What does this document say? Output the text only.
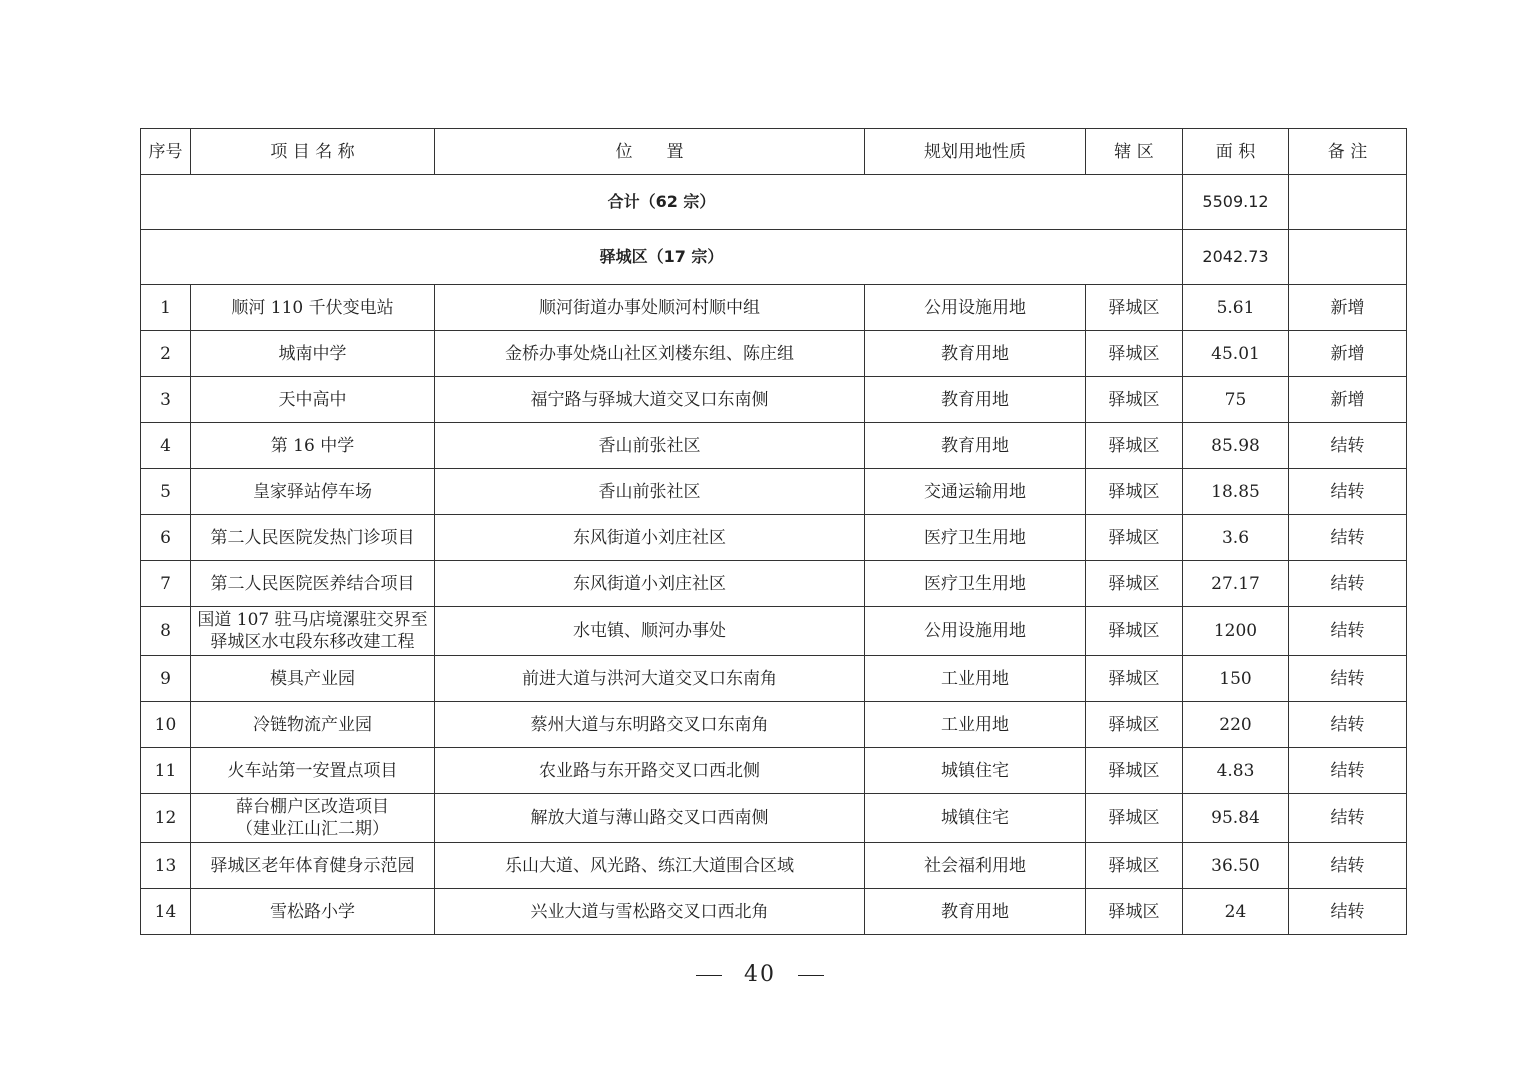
序号	项 目 名 称	位　　置	规划用地性质	辖 区	面 积	备 注
合计（62 宗）					5509.12	
驿城区（17 宗）					2042.73	
1	顺河 110 千伏变电站	顺河街道办事处顺河村顺中组	公用设施用地	驿城区	5.61	新增
2	城南中学	金桥办事处烧山社区刘楼东组、陈庄组	教育用地	驿城区	45.01	新增
3	天中高中	福宁路与驿城大道交叉口东南侧	教育用地	驿城区	75	新增
4	第 16 中学	香山前张社区	教育用地	驿城区	85.98	结转
5	皇家驿站停车场	香山前张社区	交通运输用地	驿城区	18.85	结转
6	第二人民医院发热门诊项目	东风街道小刘庄社区	医疗卫生用地	驿城区	3.6	结转
7	第二人民医院医养结合项目	东风街道小刘庄社区	医疗卫生用地	驿城区	27.17	结转
8	国道 107 驻马店境漯驻交界至
驿城区水屯段东移改建工程	水屯镇、顺河办事处	公用设施用地	驿城区	1200	结转
9	模具产业园	前进大道与洪河大道交叉口东南角	工业用地	驿城区	150	结转
10	冷链物流产业园	蔡州大道与东明路交叉口东南角	工业用地	驿城区	220	结转
11	火车站第一安置点项目	农业路与东开路交叉口西北侧	城镇住宅	驿城区	4.83	结转
12	薛台棚户区改造项目
（建业江山汇二期）	解放大道与薄山路交叉口西南侧	城镇住宅	驿城区	95.84	结转
13	驿城区老年体育健身示范园	乐山大道、风光路、练江大道围合区域	社会福利用地	驿城区	36.50	结转
14	雪松路小学	兴业大道与雪松路交叉口西北角	教育用地	驿城区	24	结转
40
